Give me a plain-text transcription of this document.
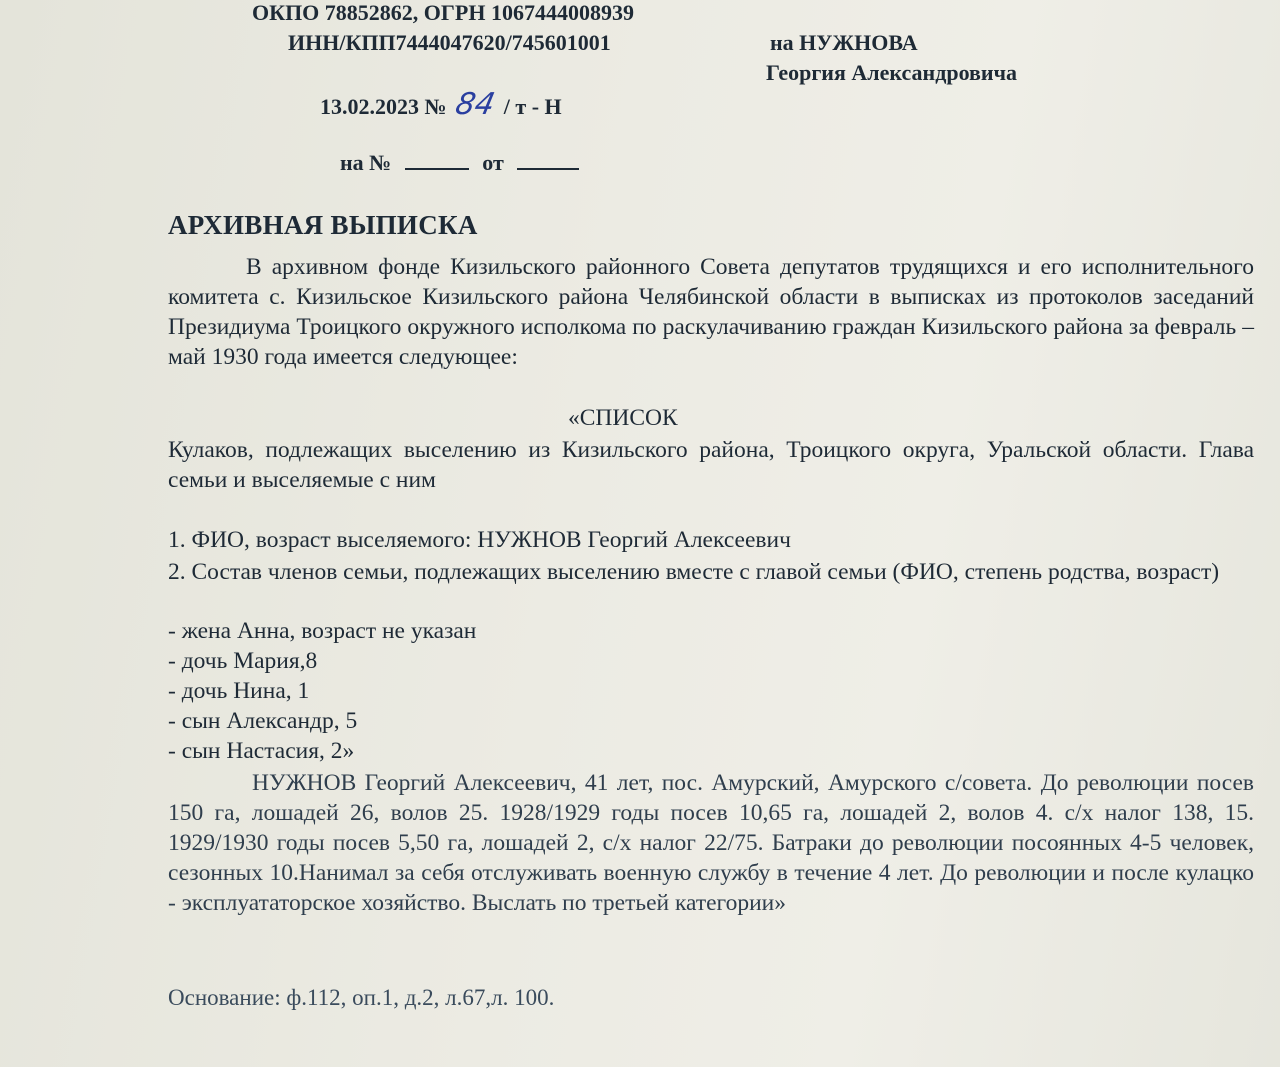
ОКПО 78852862, ОГРН 1067444008939
ИНН/КПП7444047620/745601001	на НУЖНОВА
Георгия Александровича
13.02.2023 № 84 / т - Н
на №	от
АРХИВНАЯ ВЫПИСКА
В архивном фонде Кизильского районного Совета депутатов трудящихся и его исполнительного комитета с. Кизильское Кизильского района Челябинской области в выписках из протоколов заседаний Президиума Троицкого окружного исполкома по раскулачиванию граждан Кизильского района за февраль – май 1930 года имеется следующее:
«СПИСОК
Кулаков, подлежащих выселению из Кизильского района, Троицкого округа, Уральской области. Глава семьи и выселяемые с ним
1. ФИО, возраст выселяемого: НУЖНОВ Георгий Алексеевич
2. Состав членов семьи, подлежащих выселению вместе с главой семьи (ФИО, степень родства, возраст)
- жена Анна, возраст не указан
- дочь Мария,8
- дочь Нина, 1
- сын Александр, 5
- сын Настасия, 2»
НУЖНОВ Георгий Алексеевич, 41 лет, пос. Амурский, Амурского с/совета. До революции посев 150 га, лошадей 26, волов 25. 1928/1929 годы посев 10,65 га, лошадей 2, волов 4. с/х налог 138, 15. 1929/1930 годы посев 5,50 га, лошадей 2, с/х налог 22/75. Батраки до революции посоянных 4-5 человек, сезонных 10.Нанимал за себя отслуживать военную службу в течение 4 лет. До революции и после кулацко - эксплуататорское хозяйство. Выслать по третьей категории»
Основание: ф.112, оп.1, д.2, л.67,л. 100.
